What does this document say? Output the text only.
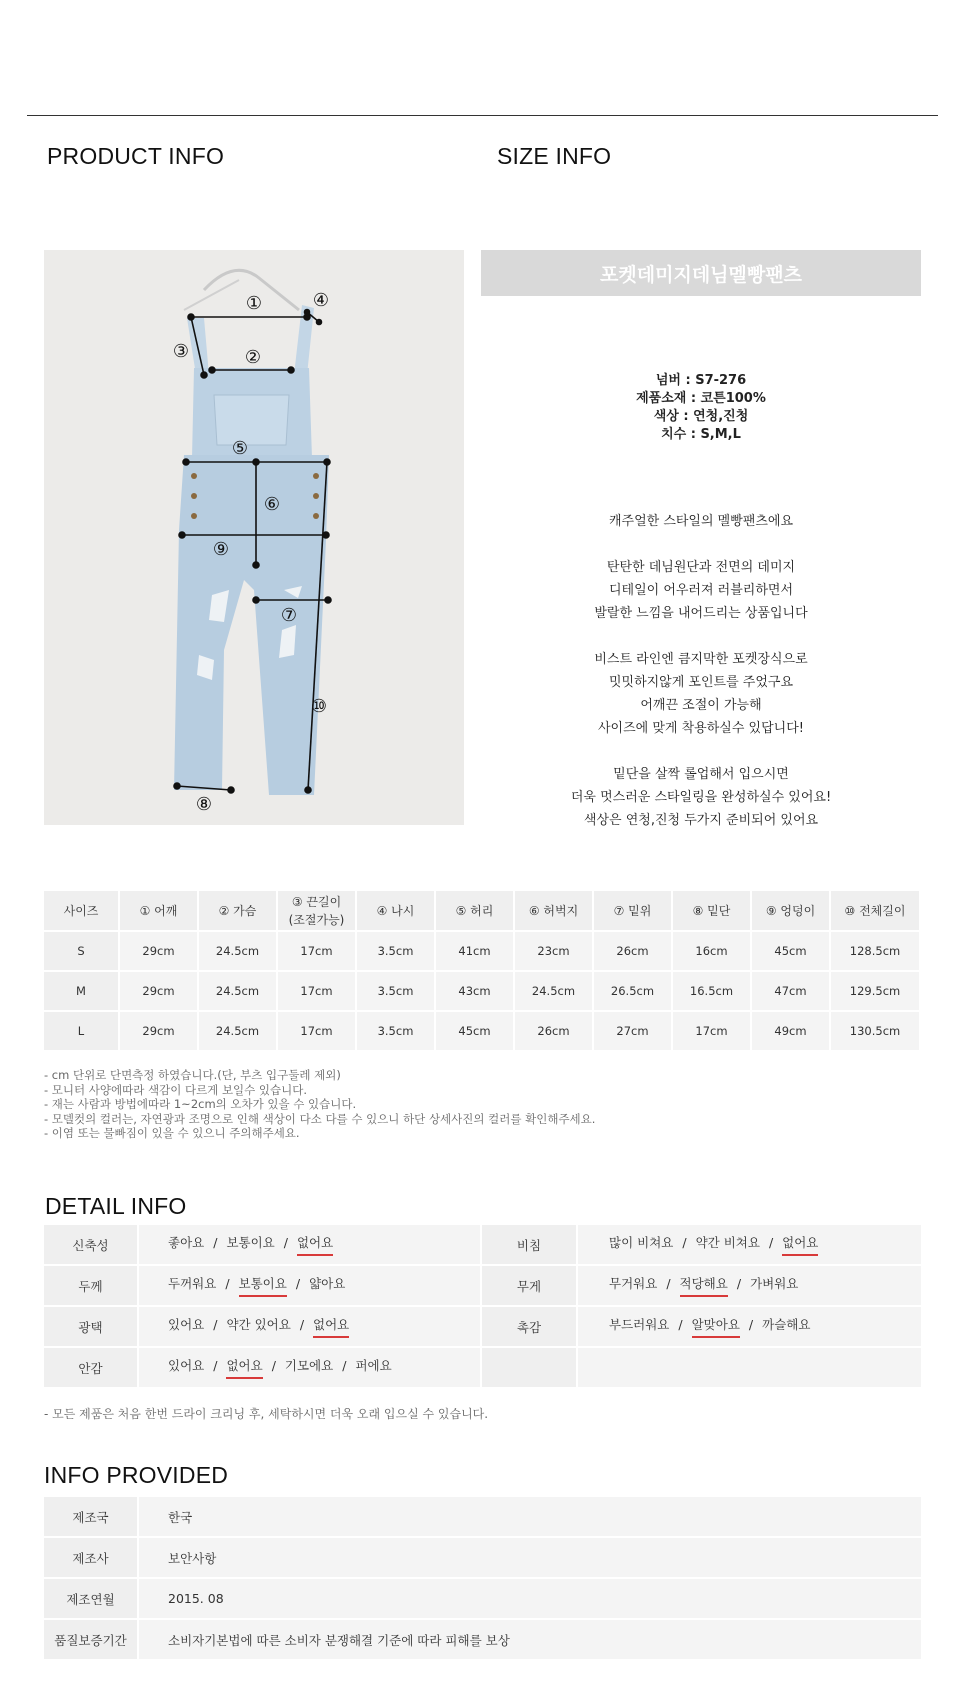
PRODUCT INFO	SIZE INFO
①
②
③
④
⑤
⑥
⑦
⑧
⑨
⑩
포켓데미지데님멜빵팬츠

넘버 : S7-276

제품소재 : 코튼100%

색상 : 연청,진청

치수 : S,M,L

캐주얼한 스타일의 멜빵팬츠에요

탄탄한 데님원단과 전면의 데미지

디테일이 어우러져 러블리하면서

발랄한 느낌을 내어드리는 상품입니다

비스트 라인엔 큼지막한 포켓장식으로

밋밋하지않게 포인트를 주었구요

어깨끈 조절이 가능해

사이즈에 맞게 착용하실수 있답니다!

밑단을 살짝 롤업해서 입으시면

더욱 멋스러운 스타일링을 완성하실수 있어요!

색상은 연청,진청 두가지 준비되어 있어요

사이즈	① 어깨	② 가슴	③ 끈길이
(조절가능)	④ 나시	⑤ 허리	⑥ 허벅지	⑦ 밑위	⑧ 밑단	⑨ 엉덩이	⑩ 전체길이
S	29cm	24.5cm	17cm	3.5cm	41cm	23cm	26cm	16cm	45cm	128.5cm
M	29cm	24.5cm	17cm	3.5cm	43cm	24.5cm	26.5cm	16.5cm	47cm	129.5cm
L	29cm	24.5cm	17cm	3.5cm	45cm	26cm	27cm	17cm	49cm	130.5cm

- cm 단위로 단면측정 하였습니다.(단, 부츠 입구둘레 제외)

- 모니터 사양에따라 색감이 다르게 보일수 있습니다.

- 재는 사람과 방법에따라 1~2cm의 오차가 있을 수 있습니다.

- 모델컷의 컬러는, 자연광과 조명으로 인해 색상이 다소 다를 수 있으니 하단 상세사진의 컬러를 확인해주세요.

- 이염 또는 물빠짐이 있을 수 있으니 주의해주세요.

DETAIL INFO
신축성	좋아요 / 보통이요 / 없어요	비침	많이 비쳐요 / 약간 비쳐요 / 없어요
두께	두꺼워요 / 보통이요 / 얇아요	무게	무거워요 / 적당해요 / 가벼워요
광택	있어요 / 약간 있어요 / 없어요	촉감	부드러워요 / 알맞아요 / 까슬해요
안감	있어요 / 없어요 / 기모에요 / 퍼에요		
- 모든 제품은 처음 한번 드라이 크리닝 후, 세탁하시면 더욱 오래 입으실 수 있습니다.
INFO PROVIDED
제조국	한국
제조사	보안사항
제조연월	2015. 08
품질보증기간	소비자기본법에 따른 소비자 분쟁해결 기준에 따라 피해를 보상
